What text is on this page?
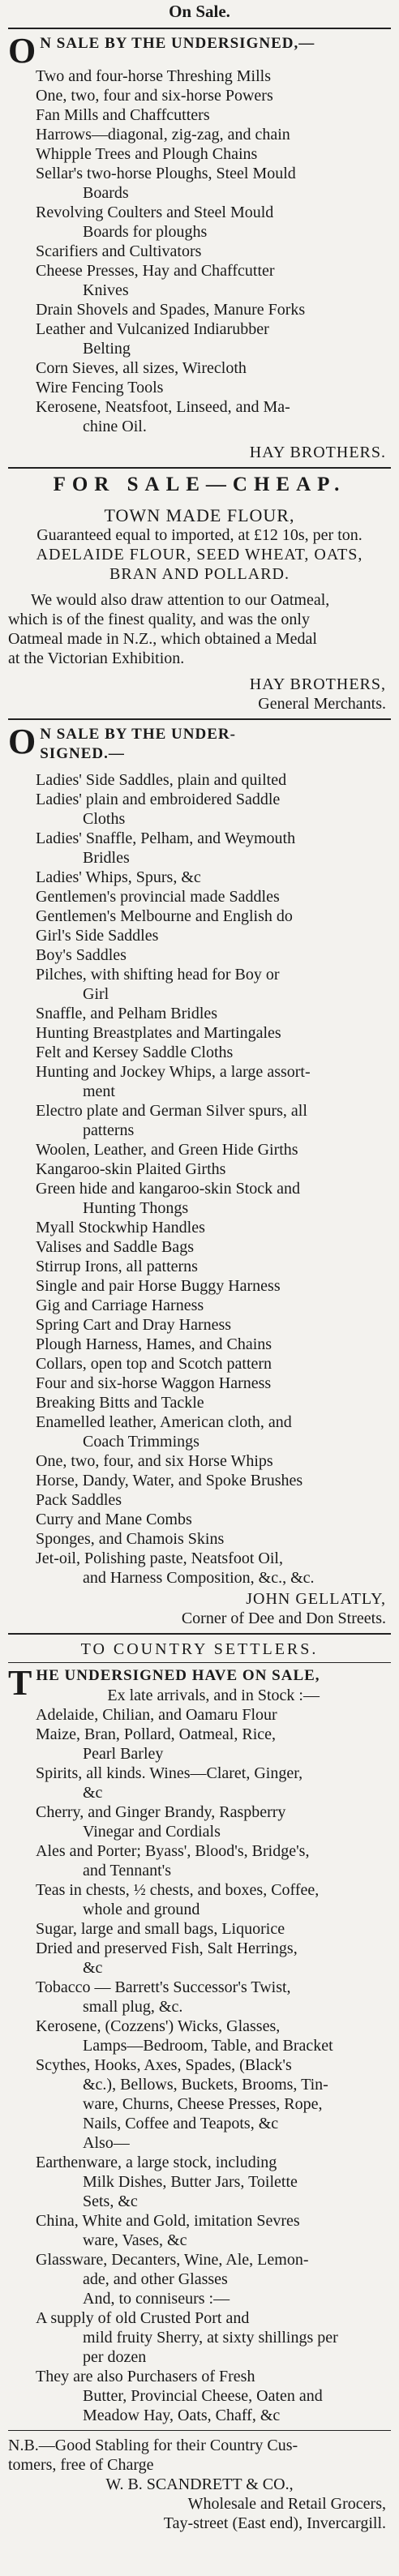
On Sale.
O N SALE BY THE UNDERSIGNED,—
Two and four-horse Threshing Mills
One, two, four and six-horse Powers
Fan Mills and Chaffcutters
Harrows—diagonal, zig-zag, and chain
Whipple Trees and Plough Chains
Sellar's two-horse Ploughs, Steel Mould
Boards
Revolving Coulters and Steel Mould
Boards for ploughs
Scarifiers and Cultivators
Cheese Presses, Hay and Chaffcutter
Knives
Drain Shovels and Spades, Manure Forks
Leather and Vulcanized Indiarubber
Belting
Corn Sieves, all sizes, Wirecloth
Wire Fencing Tools
Kerosene, Neatsfoot, Linseed, and Ma-
chine Oil.
HAY BROTHERS.
FOR SALE—CHEAP.
TOWN MADE FLOUR,
Guaranteed equal to imported, at £12 10s, per ton.
ADELAIDE FLOUR, SEED WHEAT, OATS,
BRAN AND POLLARD.
We would also draw attention to our Oatmeal,
which is of the finest quality, and was the only
Oatmeal made in N.Z., which obtained a Medal
at the Victorian Exhibition.
HAY BROTHERS,
General Merchants.
O N SALE BY THE UNDER-
SIGNED.—
Ladies' Side Saddles, plain and quilted
Ladies' plain and embroidered Saddle
Cloths
Ladies' Snaffle, Pelham, and Weymouth
Bridles
Ladies' Whips, Spurs, &c
Gentlemen's provincial made Saddles
Gentlemen's Melbourne and English do
Girl's Side Saddles
Boy's Saddles
Pilches, with shifting head for Boy or
Girl
Snaffle, and Pelham Bridles
Hunting Breastplates and Martingales
Felt and Kersey Saddle Cloths
Hunting and Jockey Whips, a large assort-
ment
Electro plate and German Silver spurs, all
patterns
Woolen, Leather, and Green Hide Girths
Kangaroo-skin Plaited Girths
Green hide and kangaroo-skin Stock and
Hunting Thongs
Myall Stockwhip Handles
Valises and Saddle Bags
Stirrup Irons, all patterns
Single and pair Horse Buggy Harness
Gig and Carriage Harness
Spring Cart and Dray Harness
Plough Harness, Hames, and Chains
Collars, open top and Scotch pattern
Four and six-horse Waggon Harness
Breaking Bitts and Tackle
Enamelled leather, American cloth, and
Coach Trimmings
One, two, four, and six Horse Whips
Horse, Dandy, Water, and Spoke Brushes
Pack Saddles
Curry and Mane Combs
Sponges, and Chamois Skins
Jet-oil, Polishing paste, Neatsfoot Oil,
and Harness Composition, &c., &c.
JOHN GELLATLY,
Corner of Dee and Don Streets.
TO COUNTRY SETTLERS.
T HE UNDERSIGNED HAVE ON SALE,
Ex late arrivals, and in Stock :—
Adelaide, Chilian, and Oamaru Flour
Maize, Bran, Pollard, Oatmeal, Rice,
Pearl Barley
Spirits, all kinds. Wines—Claret, Ginger,
&c
Cherry, and Ginger Brandy, Raspberry
Vinegar and Cordials
Ales and Porter; Byass', Blood's, Bridge's,
and Tennant's
Teas in chests, ½ chests, and boxes, Coffee,
whole and ground
Sugar, large and small bags, Liquorice
Dried and preserved Fish, Salt Herrings,
&c
Tobacco — Barrett's Successor's Twist,
small plug, &c.
Kerosene, (Cozzens') Wicks, Glasses,
Lamps—Bedroom, Table, and Bracket
Scythes, Hooks, Axes, Spades, (Black's
&c.), Bellows, Buckets, Brooms, Tin-
ware, Churns, Cheese Presses, Rope,
Nails, Coffee and Teapots, &c
Also—
Earthenware, a large stock, including
Milk Dishes, Butter Jars, Toilette
Sets, &c
China, White and Gold, imitation Sevres
ware, Vases, &c
Glassware, Decanters, Wine, Ale, Lemon-
ade, and other Glasses
And, to conniseurs :—
A supply of old Crusted Port and
mild fruity Sherry, at sixty shillings per
per dozen
They are also Purchasers of Fresh
Butter, Provincial Cheese, Oaten and
Meadow Hay, Oats, Chaff, &c
N.B.—Good Stabling for their Country Cus-
tomers, free of Charge
W. B. SCANDRETT & CO.,
Wholesale and Retail Grocers,
Tay-street (East end), Invercargill.
